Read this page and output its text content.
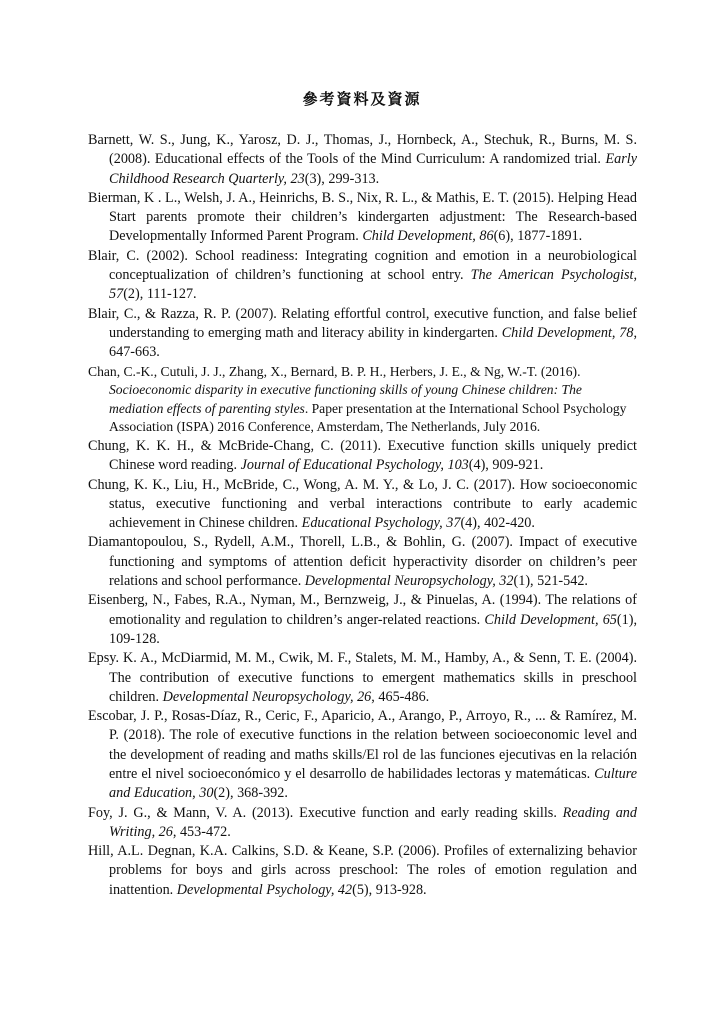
參考資料及資源
Barnett, W. S., Jung, K., Yarosz, D. J., Thomas, J., Hornbeck, A., Stechuk, R., Burns, M. S. (2008). Educational effects of the Tools of the Mind Curriculum: A randomized trial. Early Childhood Research Quarterly, 23(3), 299-313.
Bierman, K . L., Welsh, J. A., Heinrichs, B. S., Nix, R. L., & Mathis, E. T. (2015). Helping Head Start parents promote their children’s kindergarten adjustment: The Research-based Developmentally Informed Parent Program. Child Development, 86(6), 1877-1891.
Blair, C. (2002). School readiness: Integrating cognition and emotion in a neurobiological conceptualization of children’s functioning at school entry. The American Psychologist, 57(2), 111-127.
Blair, C., & Razza, R. P. (2007). Relating effortful control, executive function, and false belief understanding to emerging math and literacy ability in kindergarten. Child Development, 78, 647-663.
Chan, C.-K., Cutuli, J. J., Zhang, X., Bernard, B. P. H., Herbers, J. E., & Ng, W.-T. (2016). Socioeconomic disparity in executive functioning skills of young Chinese children: The mediation effects of parenting styles. Paper presentation at the International School Psychology Association (ISPA) 2016 Conference, Amsterdam, The Netherlands, July 2016.
Chung, K. K. H., & McBride-Chang, C. (2011). Executive function skills uniquely predict Chinese word reading. Journal of Educational Psychology, 103(4), 909-921.
Chung, K. K., Liu, H., McBride, C., Wong, A. M. Y., & Lo, J. C. (2017). How socioeconomic status, executive functioning and verbal interactions contribute to early academic achievement in Chinese children. Educational Psychology, 37(4), 402-420.
Diamantopoulou, S., Rydell, A.M., Thorell, L.B., & Bohlin, G. (2007). Impact of executive functioning and symptoms of attention deficit hyperactivity disorder on children’s peer relations and school performance. Developmental Neuropsychology, 32(1), 521-542.
Eisenberg, N., Fabes, R.A., Nyman, M., Bernzweig, J., & Pinuelas, A. (1994). The relations of emotionality and regulation to children’s anger-related reactions. Child Development, 65(1), 109-128.
Epsy. K. A., McDiarmid, M. M., Cwik, M. F., Stalets, M. M., Hamby, A., & Senn, T. E. (2004). The contribution of executive functions to emergent mathematics skills in preschool children. Developmental Neuropsychology, 26, 465-486.
Escobar, J. P., Rosas-Díaz, R., Ceric, F., Aparicio, A., Arango, P., Arroyo, R., ... & Ramírez, M. P. (2018). The role of executive functions in the relation between socioeconomic level and the development of reading and maths skills/El rol de las funciones ejecutivas en la relación entre el nivel socioeconómico y el desarrollo de habilidades lectoras y matemáticas. Culture and Education, 30(2), 368-392.
Foy, J. G., & Mann, V. A. (2013). Executive function and early reading skills. Reading and Writing, 26, 453-472.
Hill, A.L. Degnan, K.A. Calkins, S.D. & Keane, S.P. (2006). Profiles of externalizing behavior problems for boys and girls across preschool: The roles of emotion regulation and inattention. Developmental Psychology, 42(5), 913-928.
